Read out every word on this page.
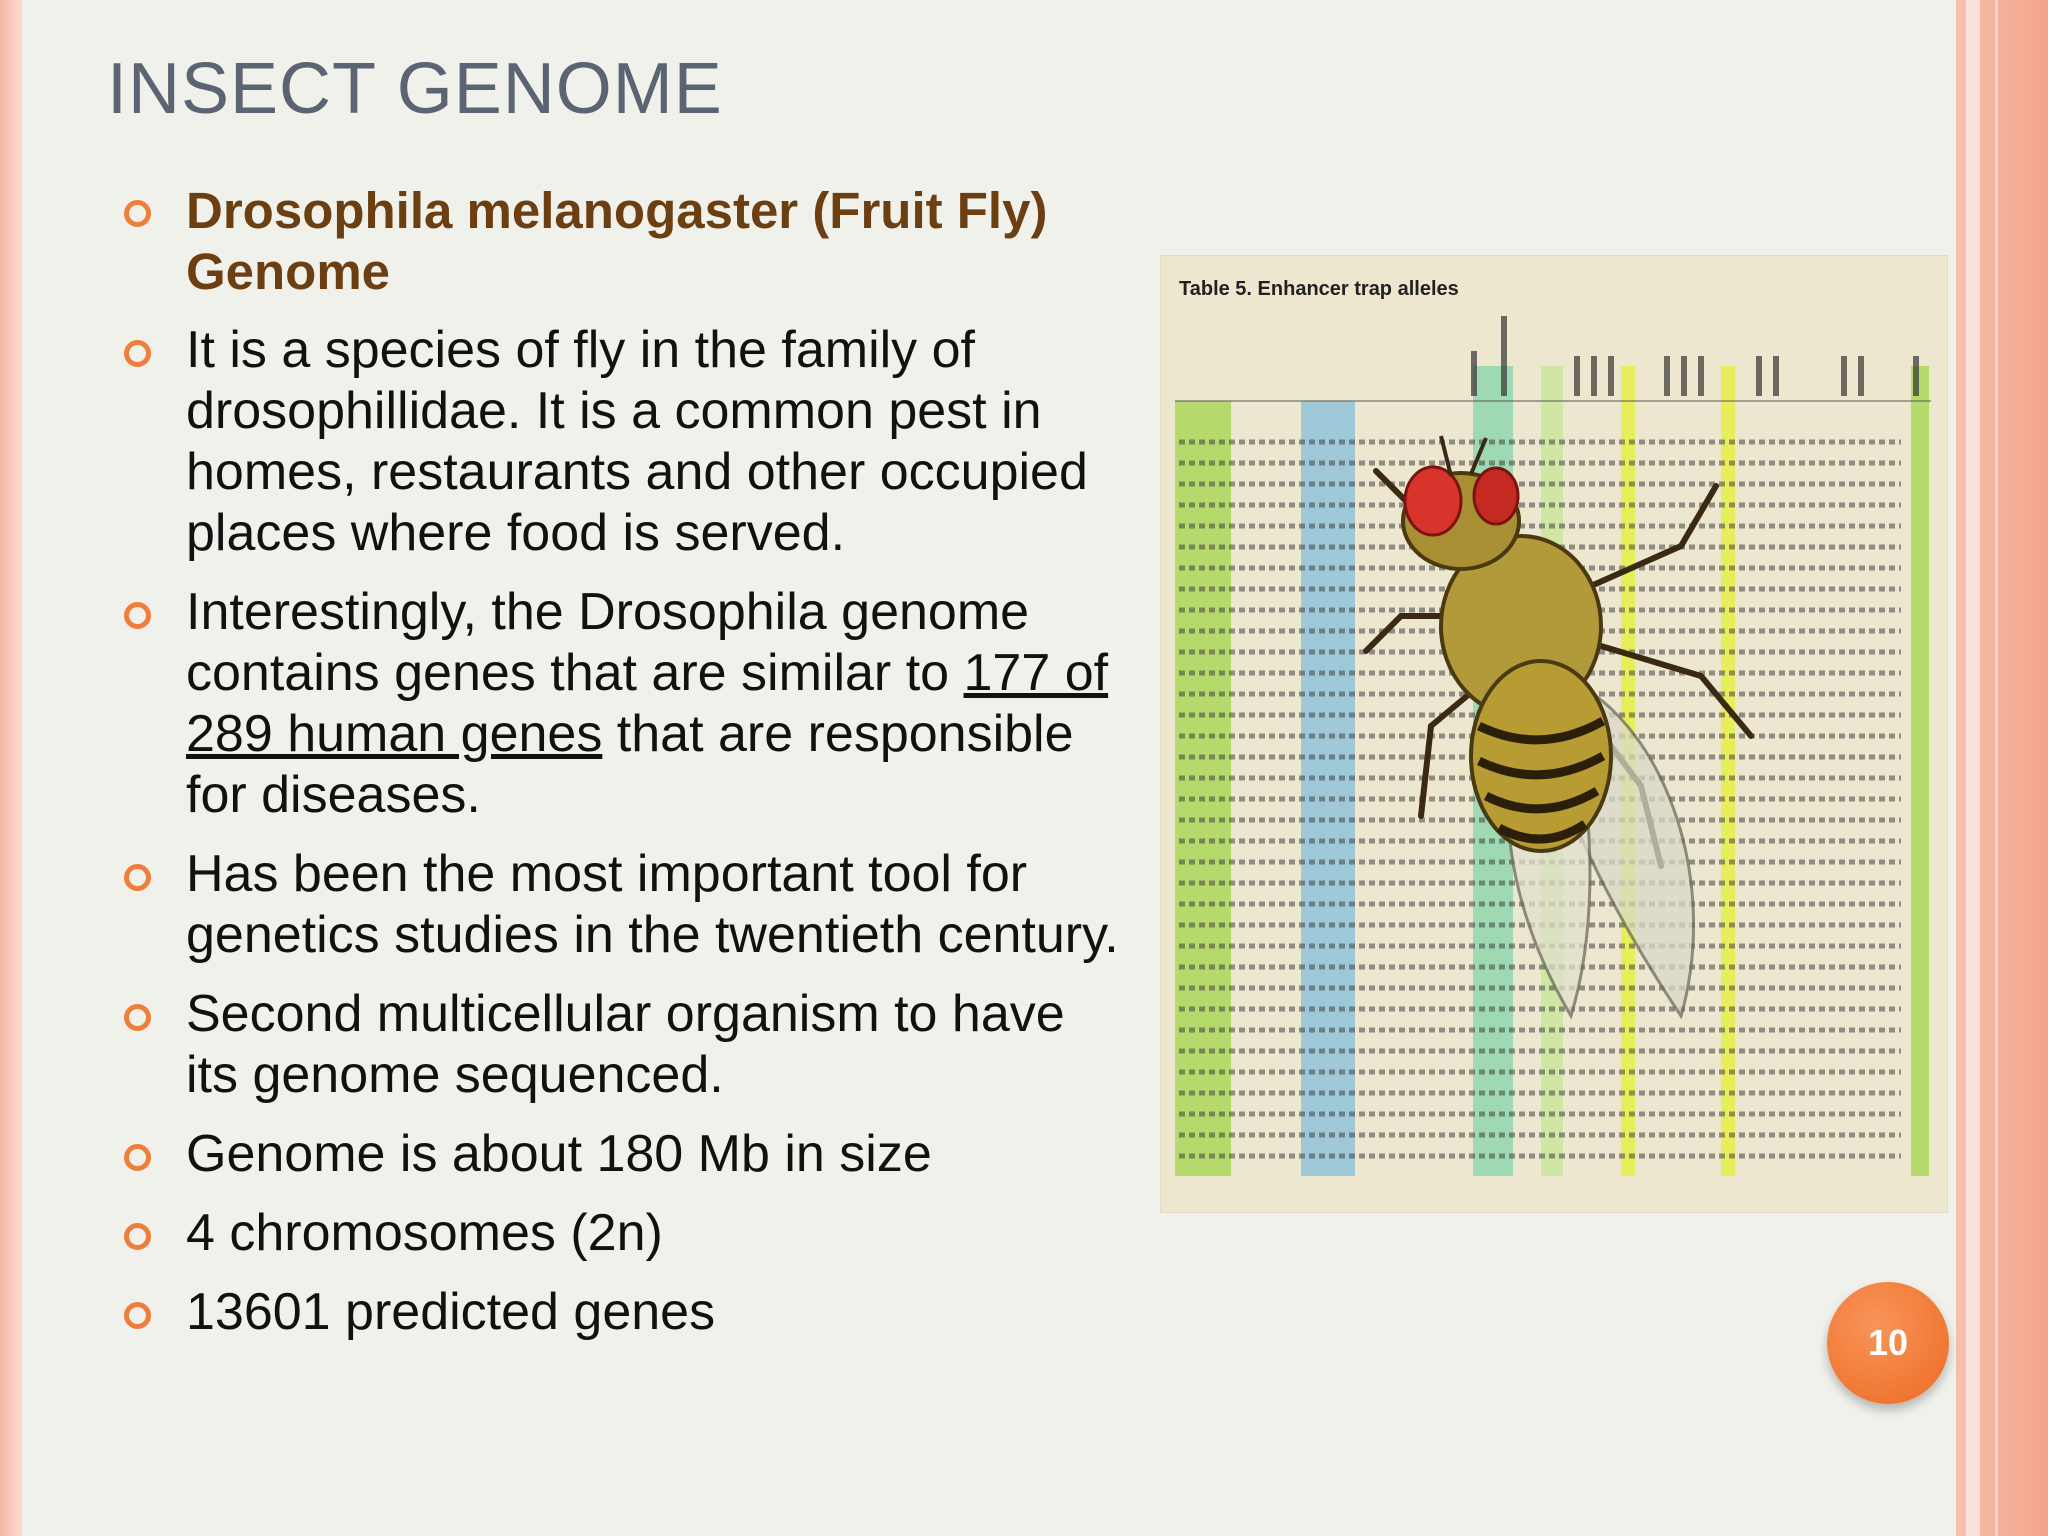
INSECT GENOME
Drosophila melanogaster (Fruit Fly) Genome
It is a species of fly in the family of drosophillidae. It is a common pest in homes, restaurants and other occupied places where food is served.
Interestingly, the Drosophila genome contains genes that are similar to 177 of 289 human genes that are responsible for diseases.
Has been the most important tool for genetics studies in the twentieth century.
Second multicellular organism to have its genome sequenced.
Genome is about 180 Mb in size
4 chromosomes (2n)
13601 predicted genes
Table 5. Enhancer trap alleles
10
